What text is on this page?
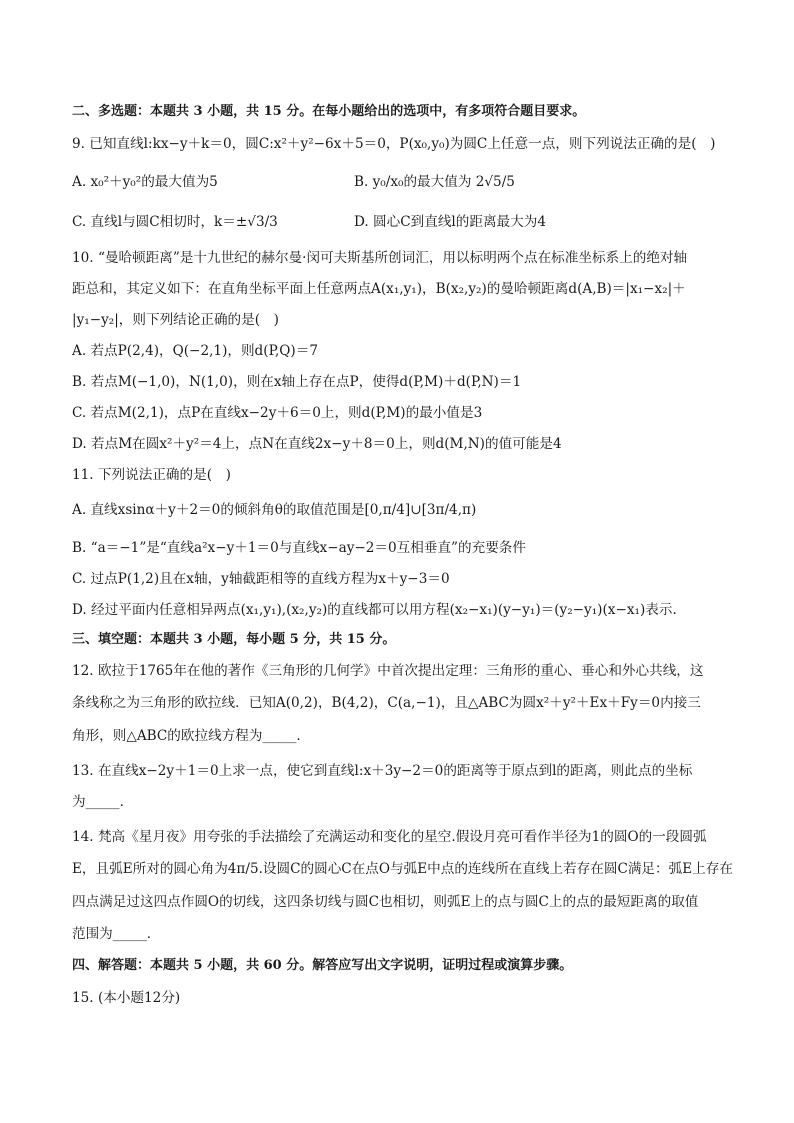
二、多选题：本题共 3 小题，共 15 分。在每小题给出的选项中，有多项符合题目要求。
9. 已知直线l:kx−y＋k＝0，圆C:x²＋y²−6x＋5＝0，P(x₀,y₀)为圆C上任意一点，则下列说法正确的是(　)
A. x₀²＋y₀²的最大值为5	B. y₀/x₀的最大值为 2√5/5
C. 直线l与圆C相切时，k＝±√3/3	D. 圆心C到直线l的距离最大为4
10. “曼哈顿距离”是十九世纪的赫尔曼·闵可夫斯基所创词汇，用以标明两个点在标准坐标系上的绝对轴
距总和，其定义如下：在直角坐标平面上任意两点A(x₁,y₁)，B(x₂,y₂)的曼哈顿距离d(A,B)＝|x₁−x₂|＋
|y₁−y₂|，则下列结论正确的是(　)
A. 若点P(2,4)，Q(−2,1)，则d(P,Q)＝7
B. 若点M(−1,0)，N(1,0)，则在x轴上存在点P，使得d(P,M)＋d(P,N)＝1
C. 若点M(2,1)，点P在直线x−2y＋6＝0上，则d(P,M)的最小值是3
D. 若点M在圆x²＋y²＝4上，点N在直线2x−y＋8＝0上，则d(M,N)的值可能是4
11. 下列说法正确的是(　)
A. 直线xsinα＋y＋2＝0的倾斜角θ的取值范围是[0,π/4]∪[3π/4,π)
B. “a＝−1”是“直线a²x−y＋1＝0与直线x−ay−2＝0互相垂直”的充要条件
C. 过点P(1,2)且在x轴，y轴截距相等的直线方程为x＋y−3＝0
D. 经过平面内任意相异两点(x₁,y₁),(x₂,y₂)的直线都可以用方程(x₂−x₁)(y−y₁)＝(y₂−y₁)(x−x₁)表示.
三、填空题：本题共 3 小题，每小题 5 分，共 15 分。
12. 欧拉于1765年在他的著作《三角形的几何学》中首次提出定理：三角形的重心、垂心和外心共线，这
条线称之为三角形的欧拉线．已知A(0,2)，B(4,2)，C(a,−1)，且△ABC为圆x²＋y²＋Ex＋Fy＝0内接三
角形，则△ABC的欧拉线方程为_____．
13. 在直线x−2y＋1＝0上求一点，使它到直线l:x＋3y−2＝0的距离等于原点到l的距离，则此点的坐标
为_____．
14. 梵高《星月夜》用夸张的手法描绘了充满运动和变化的星空.假设月亮可看作半径为1的圆O的一段圆弧
E，且弧E所对的圆心角为4π/5.设圆C的圆心C在点O与弧E中点的连线所在直线上若存在圆C满足：弧E上存在
四点满足过这四点作圆O的切线，这四条切线与圆C也相切，则弧E上的点与圆C上的点的最短距离的取值
范围为_____．
四、解答题：本题共 5 小题，共 60 分。解答应写出文字说明，证明过程或演算步骤。
15. (本小题12分)
